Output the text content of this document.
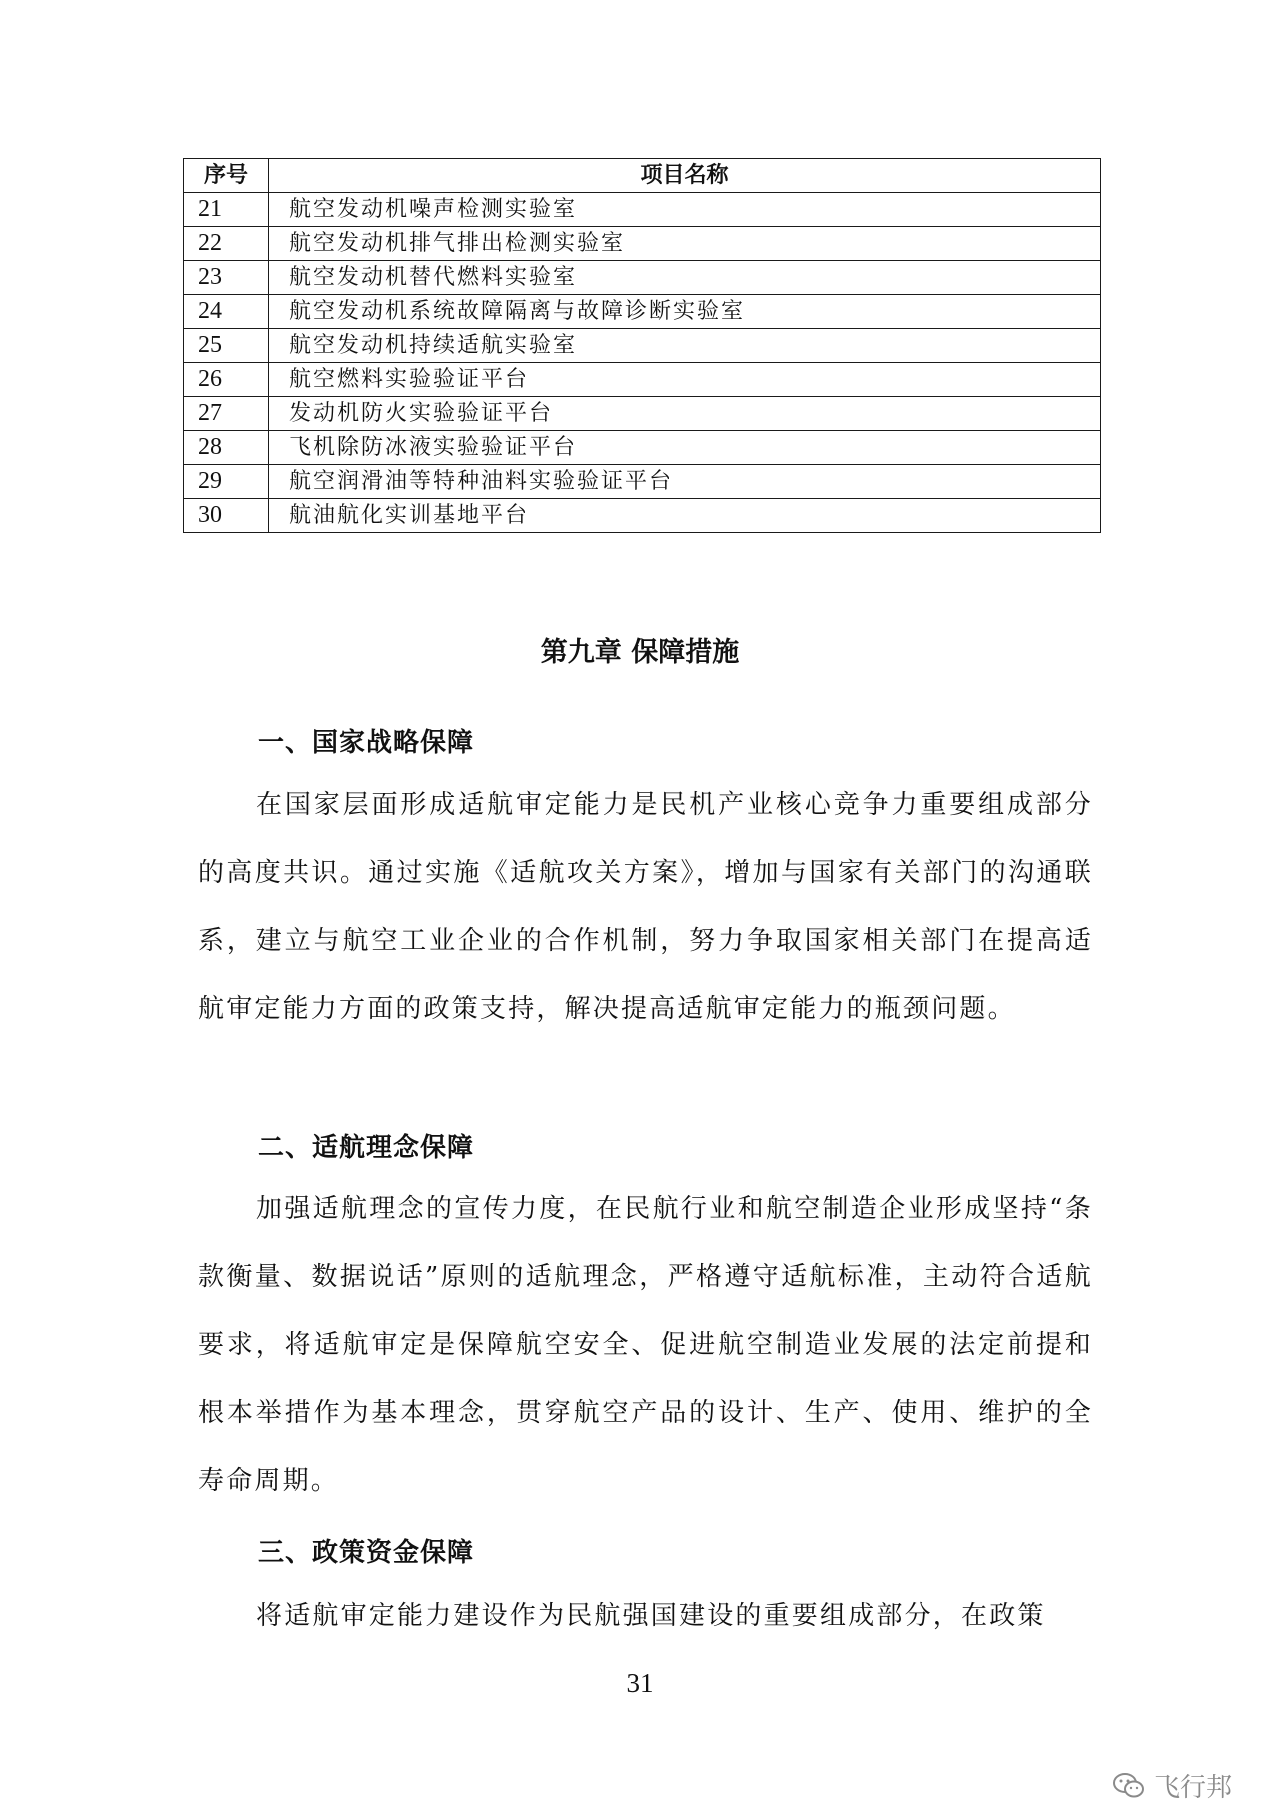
序号	项目名称
21	航空发动机噪声检测实验室
22	航空发动机排气排出检测实验室
23	航空发动机替代燃料实验室
24	航空发动机系统故障隔离与故障诊断实验室
25	航空发动机持续适航实验室
26	航空燃料实验验证平台
27	发动机防火实验验证平台
28	飞机除防冰液实验验证平台
29	航空润滑油等特种油料实验验证平台
30	航油航化实训基地平台
第九章 保障措施
一、国家战略保障

在国家层面形成适航审定能力是民机产业核心竞争力重要组成部分的高度共识。通过实施《适航攻关方案》，增加与国家有关部门的沟通联系，建立与航空工业企业的合作机制，努力争取国家相关部门在提高适航审定能力方面的政策支持，解决提高适航审定能力的瓶颈问题。

二、适航理念保障

加强适航理念的宣传力度，在民航行业和航空制造企业形成坚持“条款衡量、数据说话”原则的适航理念，严格遵守适航标准，主动符合适航要求，将适航审定是保障航空安全、促进航空制造业发展的法定前提和根本举措作为基本理念，贯穿航空产品的设计、生产、使用、维护的全寿命周期。

三、政策资金保障

将适航审定能力建设作为民航强国建设的重要组成部分，在政策

31
飞行邦
